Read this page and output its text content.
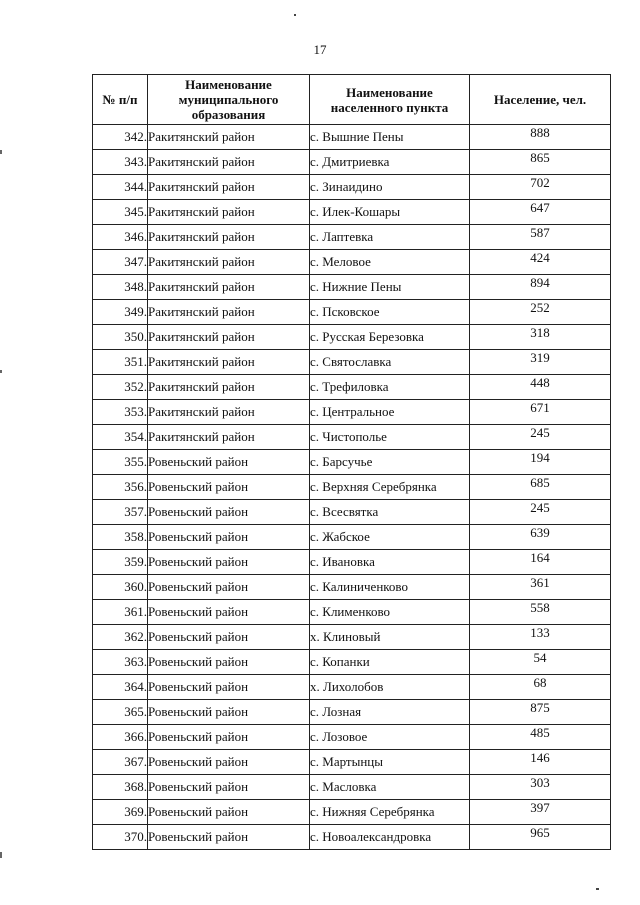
17
№ п/п	Наименование муниципального образования	Наименование населенного пункта	Население, чел.
342.	Ракитянский район	с. Вышние Пены	888
343.	Ракитянский район	с. Дмитриевка	865
344.	Ракитянский район	с. Зинаидино	702
345.	Ракитянский район	с. Илек-Кошары	647
346.	Ракитянский район	с. Лаптевка	587
347.	Ракитянский район	с. Меловое	424
348.	Ракитянский район	с. Нижние Пены	894
349.	Ракитянский район	с. Псковское	252
350.	Ракитянский район	с. Русская Березовка	318
351.	Ракитянский район	с. Святославка	319
352.	Ракитянский район	с. Трефиловка	448
353.	Ракитянский район	с. Центральное	671
354.	Ракитянский район	с. Чистополье	245
355.	Ровеньский район	с. Барсучье	194
356.	Ровеньский район	с. Верхняя Серебрянка	685
357.	Ровеньский район	с. Всесвятка	245
358.	Ровеньский район	с. Жабское	639
359.	Ровеньский район	с. Ивановка	164
360.	Ровеньский район	с. Калиниченково	361
361.	Ровеньский район	с. Клименково	558
362.	Ровеньский район	х. Клиновый	133
363.	Ровеньский район	с. Копанки	54
364.	Ровеньский район	х. Лихолобов	68
365.	Ровеньский район	с. Лозная	875
366.	Ровеньский район	с. Лозовое	485
367.	Ровеньский район	с. Мартынцы	146
368.	Ровеньский район	с. Масловка	303
369.	Ровеньский район	с. Нижняя Серебрянка	397
370.	Ровеньский район	с. Новоалександровка	965
